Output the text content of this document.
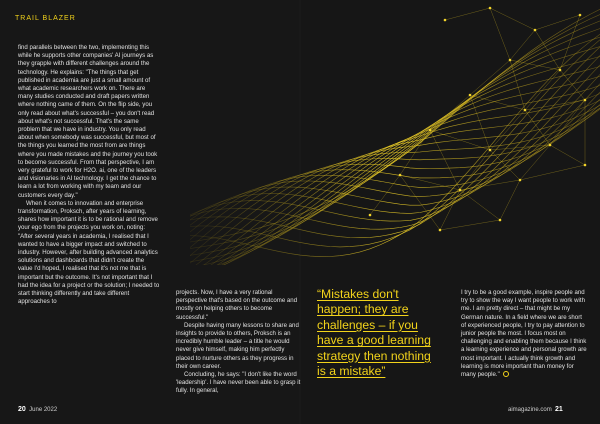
TRAIL BLAZER

find parallels between the two, implementing this while he supports other companies' AI journeys as they grapple with different challenges around the technology. He explains: "The things that get published in academia are just a small amount of what academic researchers work on. There are many studies conducted and draft papers written where nothing came of them. On the flip side, you only read about what's successful – you don't read about what's not successful. That's the same problem that we have in industry. You only read about when somebody was successful, but most of the things you learned the most from are things where you made mistakes and the journey you took to become successful. From that perspective, I am very grateful to work for H2O. ai, one of the leaders and visionaries in AI technology. I get the chance to learn a lot from working with my team and our customers every day."

When it comes to innovation and enterprise transformation, Proksch, after years of learning, shares how important it is to be rational and remove your ego from the projects you work on, noting: "After several years in academia, I realised that I wanted to have a bigger impact and switched to industry. However, after building advanced analytics solutions and dashboards that didn't create the value I'd hoped, I realised that it's not me that is important but the outcome. It's not important that I had the idea for a project or the solution; I needed to start thinking differently and take different approaches to

projects. Now, I have a very rational perspective that's based on the outcome and mostly on helping others to become successful."

Despite having many lessons to share and insights to provide to others, Proksch is an incredibly humble leader – a title he would never give himself, making him perfectly placed to nurture others as they progress in their own career.

Concluding, he says: "I don't like the word 'leadership'. I have never been able to grasp it fully. In general,

“Mistakes don't
happen; they are
challenges – if you
have a good learning
strategy then nothing
is a mistake”

I try to be a good example, inspire people and try to show the way I want people to work with me. I am pretty direct – that might be my German nature. In a field where we are short of experienced people, I try to pay attention to junior people the most. I focus most on challenging and enabling them because I think a learning experience and personal growth are most important. I actually think growth and learning is more important than money for many people."

20 June 2022	aimagazine.com 21
